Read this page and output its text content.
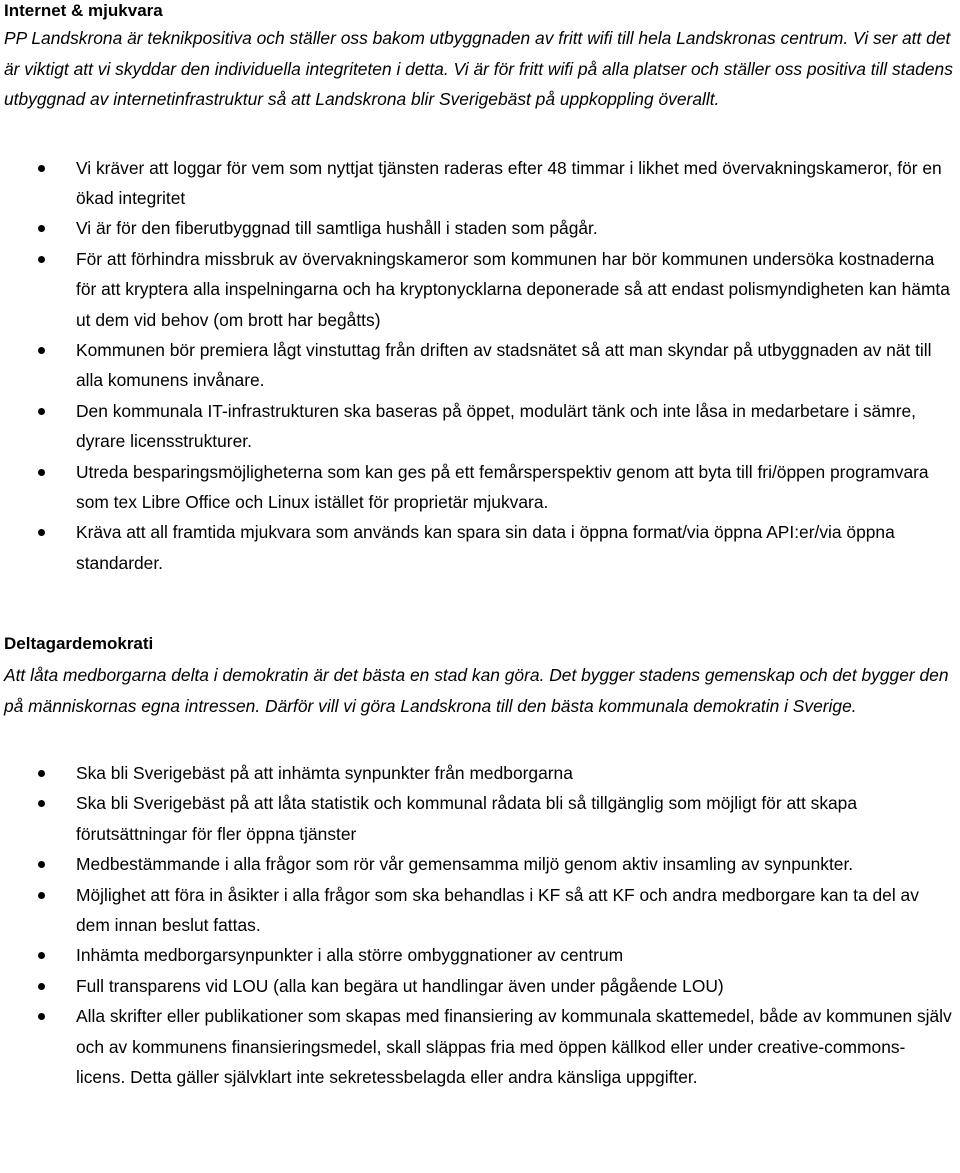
Internet & mjukvara

PP Landskrona är teknikpositiva och ställer oss bakom utbyggnaden av fritt wifi till hela Landskronas centrum. Vi ser att det är viktigt att vi skyddar den individuella integriteten i detta. Vi är för fritt wifi på alla platser och ställer oss positiva till stadens utbyggnad av internetinfrastruktur så att Landskrona blir Sverigebäst på uppkoppling överallt.

Vi kräver att loggar för vem som nyttjat tjänsten raderas efter 48 timmar i likhet med övervakningskameror, för en ökad integritet
Vi är för den fiberutbyggnad till samtliga hushåll i staden som pågår.
För att förhindra missbruk av övervakningskameror som kommunen har bör kommunen undersöka kostnaderna för att kryptera alla inspelningarna och ha kryptonycklarna deponerade så att endast polismyndigheten kan hämta ut dem vid behov (om brott har begåtts)
Kommunen bör premiera lågt vinstuttag från driften av stadsnätet så att man skyndar på utbyggnaden av nät till alla komunens invånare.
Den kommunala IT-infrastrukturen ska baseras på öppet, modulärt tänk och inte låsa in medarbetare i sämre, dyrare licensstrukturer.
Utreda besparingsmöjligheterna som kan ges på ett femårsperspektiv genom att byta till fri/öppen programvara som tex Libre Office och Linux istället för proprietär mjukvara.
Kräva att all framtida mjukvara som används kan spara sin data i öppna format/via öppna API:er/via öppna standarder.
Deltagardemokrati

Att låta medborgarna delta i demokratin är det bästa en stad kan göra. Det bygger stadens gemenskap och det bygger den på människornas egna intressen. Därför vill vi göra Landskrona till den bästa kommunala demokratin i Sverige.

Ska bli Sverigebäst på att inhämta synpunkter från medborgarna
Ska bli Sverigebäst på att låta statistik och kommunal rådata bli så tillgänglig som möjligt för att skapa förutsättningar för fler öppna tjänster
Medbestämmande i alla frågor som rör vår gemensamma miljö genom aktiv insamling av synpunkter.
Möjlighet att föra in åsikter i alla frågor som ska behandlas i KF så att KF och andra medborgare kan ta del av dem innan beslut fattas.
Inhämta medborgarsynpunkter i alla större ombyggnationer av centrum
Full transparens vid LOU (alla kan begära ut handlingar även under pågående LOU)
Alla skrifter eller publikationer som skapas med finansiering av kommunala skattemedel, både av kommunen själv och av kommunens finansieringsmedel, skall släppas fria med öppen källkod eller under creative-commons-licens. Detta gäller självklart inte sekretessbelagda eller andra känsliga uppgifter.
